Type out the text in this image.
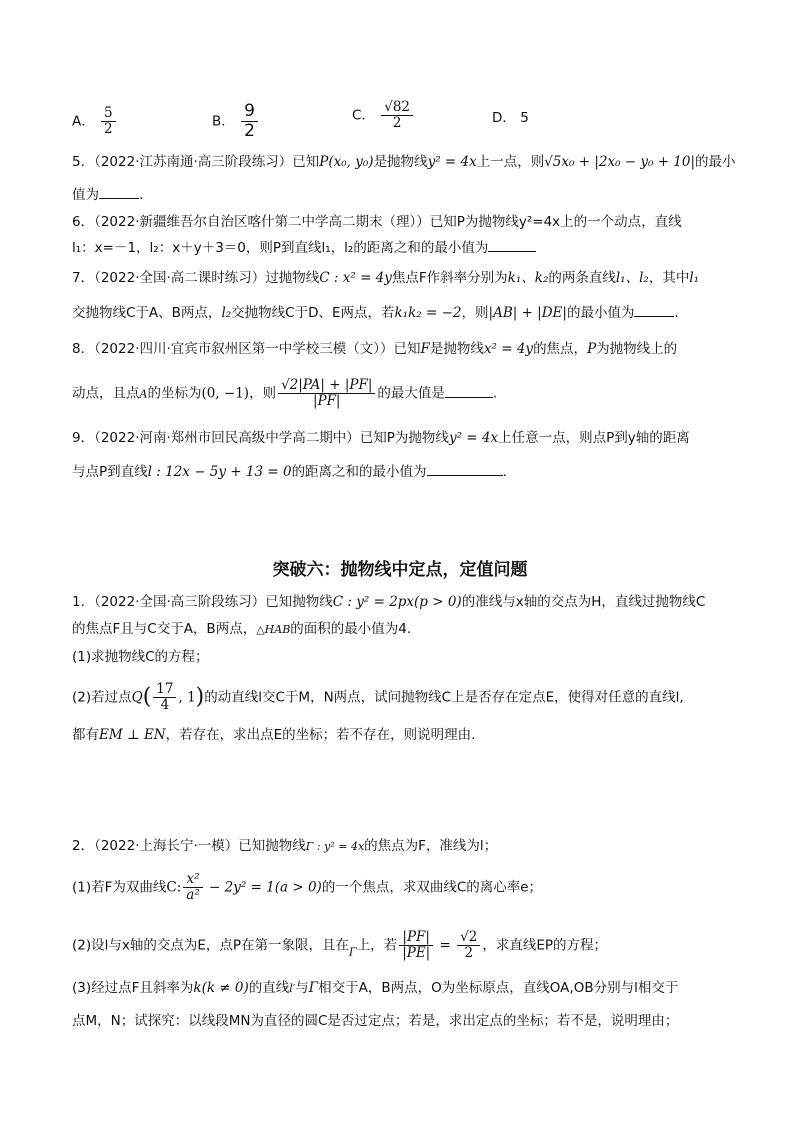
A． $\frac{5}{2}$	B． $\frac{9}{2}$	C． $\frac{√82}{2}$	D． 5
5．（2022·江苏南通·高三阶段练习）已知P(x₀, y₀)是抛物线y² = 4x上一点，则√5x₀ + |2x₀ − y₀ + 10|的最小
值为	.
6．（2022·新疆维吾尔自治区喀什第二中学高二期末（理））已知P为抛物线y²=4x上的一个动点，直线
l₁：x=－1，l₂：x＋y＋3＝0，则P到直线l₁，l₂的距离之和的最小值为
7．（2022·全国·高二课时练习）过抛物线C : x² = 4y焦点F作斜率分别为k₁、k₂的两条直线l₁、l₂，其中l₁
交抛物线C于A、B两点，l₂交抛物线C于D、E两点，若k₁k₂ = −2，则|AB| + |DE|的最小值为	.
8．（2022·四川·宜宾市叙州区第一中学校三模（文））已知F是抛物线x² = 4y的焦点，P为抛物线上的
动点，且点A的坐标为(0, −1)，则 $\frac{√2|PA| + |PF|}{|PF|}$ 的最大值是	.
9．（2022·河南·郑州市回民高级中学高二期中）已知P为抛物线y² = 4x上任意一点，则点P到y轴的距离
与点P到直线l : 12x − 5y + 13 = 0的距离之和的最小值为	.
突破六：抛物线中定点，定值问题
1．（2022·全国·高三阶段练习）已知抛物线C : y² = 2px(p > 0)的准线与x轴的交点为H，直线过抛物线C
的焦点F且与C交于A，B两点，△HAB的面积的最小值为4.
(1)求抛物线C的方程；
(2)若过点$Q( \frac{17}{4}$ , 1)的动直线l交C于M，N两点，试问抛物线C上是否存在定点E，使得对任意的直线l,
都有EM ⊥ EN，若存在，求出点E的坐标；若不存在，则说明理由.
2．（2022·上海长宁·一模）已知抛物线Γ : y² = 4x的焦点为F，准线为l；
(1)若F为双曲线C: $\frac{\text{x²}}{\text{a²}} - 2y^2 = 1(a > 0)$的一个焦点，求双曲线C的离心率e；
(2)设l与x轴的交点为E，点P在第一象限，且在$_\Gamma$上，若 $\frac{|PF|}{|PE|} = \frac{√2}{2}$ ，求直线EP的方程；
(3)经过点F且斜率为k(k ≠ 0)的直线l′与Γ相交于A，B两点，O为坐标原点，直线OA,OB分别与l相交于
点M，N；试探究：以线段MN为直径的圆C是否过定点；若是，求出定点的坐标；若不是，说明理由；
